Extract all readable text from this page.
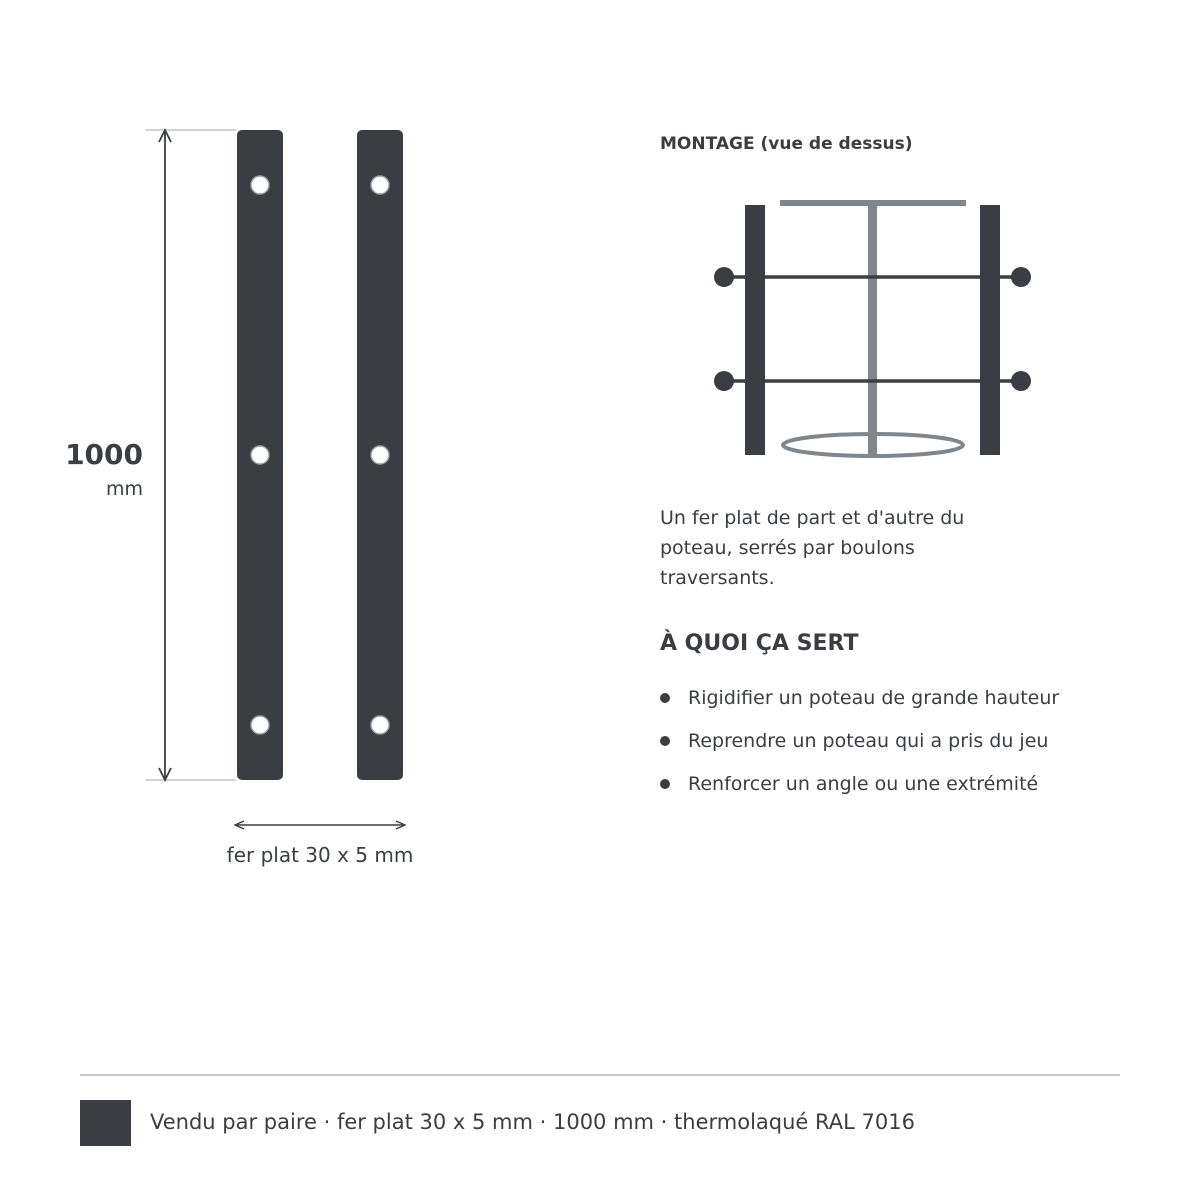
1000
mm
fer plat 30 x 5 mm
MONTAGE (vue de dessus)
Un fer plat de part et d'autre du poteau, serrés par boulons traversants.
À QUOI ÇA SERT
Rigidifier un poteau de grande hauteur
Reprendre un poteau qui a pris du jeu
Renforcer un angle ou une extrémité
Vendu par paire · fer plat 30 x 5 mm · 1000 mm · thermolaqué RAL 7016
